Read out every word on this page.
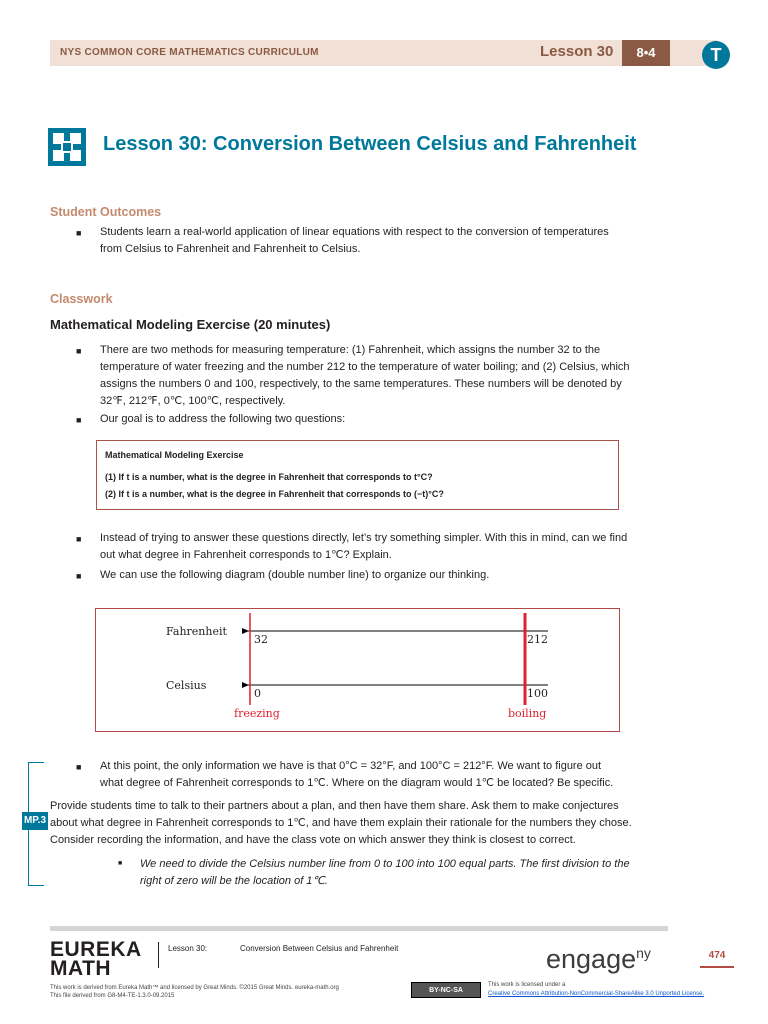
NYS COMMON CORE MATHEMATICS CURRICULUM	Lesson 30	8•4	T
Lesson 30: Conversion Between Celsius and Fahrenheit
Student Outcomes
■ Students learn a real-world application of linear equations with respect to the conversion of temperatures
from Celsius to Fahrenheit and Fahrenheit to Celsius.
Classwork
Mathematical Modeling Exercise (20 minutes)
■ There are two methods for measuring temperature: (1) Fahrenheit, which assigns the number 32 to the
temperature of water freezing and the number 212 to the temperature of water boiling; and (2) Celsius, which
assigns the numbers 0 and 100, respectively, to the same temperatures. These numbers will be denoted by
32℉, 212℉, 0℃, 100℃, respectively.
■ Our goal is to address the following two questions:
Mathematical Modeling Exercise
(1) If t is a number, what is the degree in Fahrenheit that corresponds to t°C?
(2) If t is a number, what is the degree in Fahrenheit that corresponds to (−t)°C?
■ Instead of trying to answer these questions directly, let’s try something simpler. With this in mind, can we find
out what degree in Fahrenheit corresponds to 1℃? Explain.
■ We can use the following diagram (double number line) to organize our thinking.
Fahrenheit
Celsius
32	212
0	100
freezing	boiling
MP.3
■ At this point, the only information we have is that 0°C = 32°F, and 100°C = 212°F. We want to figure out
what degree of Fahrenheit corresponds to 1℃. Where on the diagram would 1℃ be located? Be specific.
Provide students time to talk to their partners about a plan, and then have them share. Ask them to make conjectures
about what degree in Fahrenheit corresponds to 1℃, and have them explain their rationale for the numbers they chose.
Consider recording the information, and have the class vote on which answer they think is closest to correct.
■ We need to divide the Celsius number line from 0 to 100 into 100 equal parts. The first division to the
right of zero will be the location of 1℃.
EUREKA
MATH
Lesson 30:	Conversion Between Celsius and Fahrenheit	engage$^{ny}$	474
This work is derived from Eureka Math™ and licensed by Great Minds. ©2015 Great Minds. eureka-math.org
This file derived from G8-M4-TE-1.3.0-09.2015
BY-NC-SA
This work is licensed under a
Creative Commons Attribution-NonCommercial-ShareAlike 3.0 Unported License.
